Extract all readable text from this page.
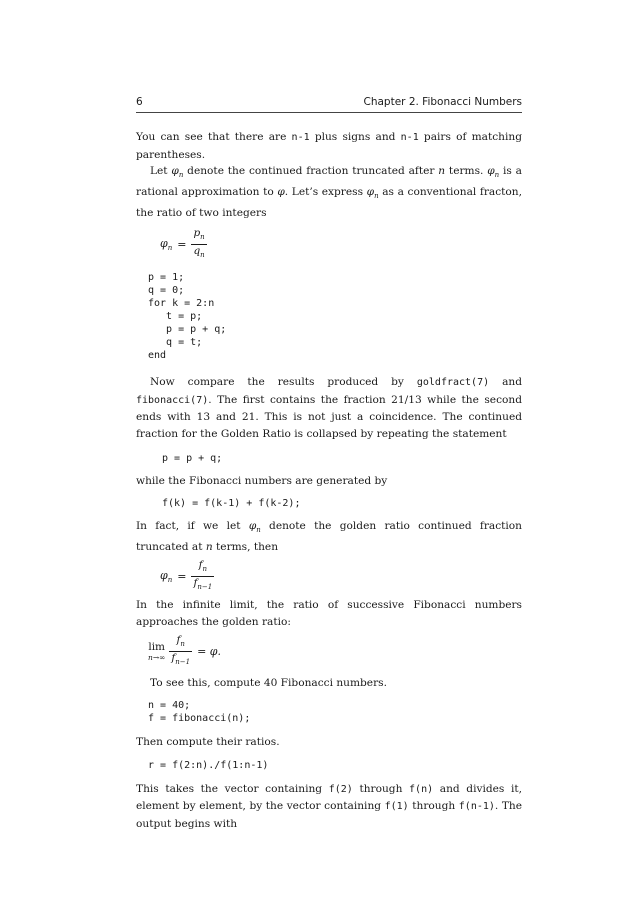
6	Chapter 2. Fibonacci Numbers

You can see that there are n-1 plus signs and n-1 pairs of matching parentheses.

Let $\varphi_n$ denote the continued fraction truncated after n terms. $\varphi_n$ is a rational approximation to φ. Let’s express $\varphi_n$ as a conventional fracton, the ratio of two integers

$\varphi_n = \frac{p_n}{q_n}$
p = 1;
q = 0;
for k = 2:n
t = p;
p = p + q;
q = t;
end

Now compare the results produced by goldfract(7) and fibonacci(7). The first contains the fraction 21/13 while the second ends with 13 and 21. This is not just a coincidence. The continued fraction for the Golden Ratio is collapsed by repeating the statement

p = p + q;

while the Fibonacci numbers are generated by

f(k) = f(k-1) + f(k-2);

In fact, if we let $\varphi_n$ denote the golden ratio continued fraction truncated at n terms, then

$\varphi_n = \frac{f_n}{f_{n-1}}$

In the infinite limit, the ratio of successive Fibonacci numbers approaches the golden ratio:

lim
$n\to\infty \frac{f_n}{f_{n-1}} = \varphi$.

To see this, compute 40 Fibonacci numbers.

n = 40;
f = fibonacci(n);

Then compute their ratios.

r = f(2:n)./f(1:n-1)

This takes the vector containing f(2) through f(n) and divides it, element by element, by the vector containing f(1) through f(n-1). The output begins with
